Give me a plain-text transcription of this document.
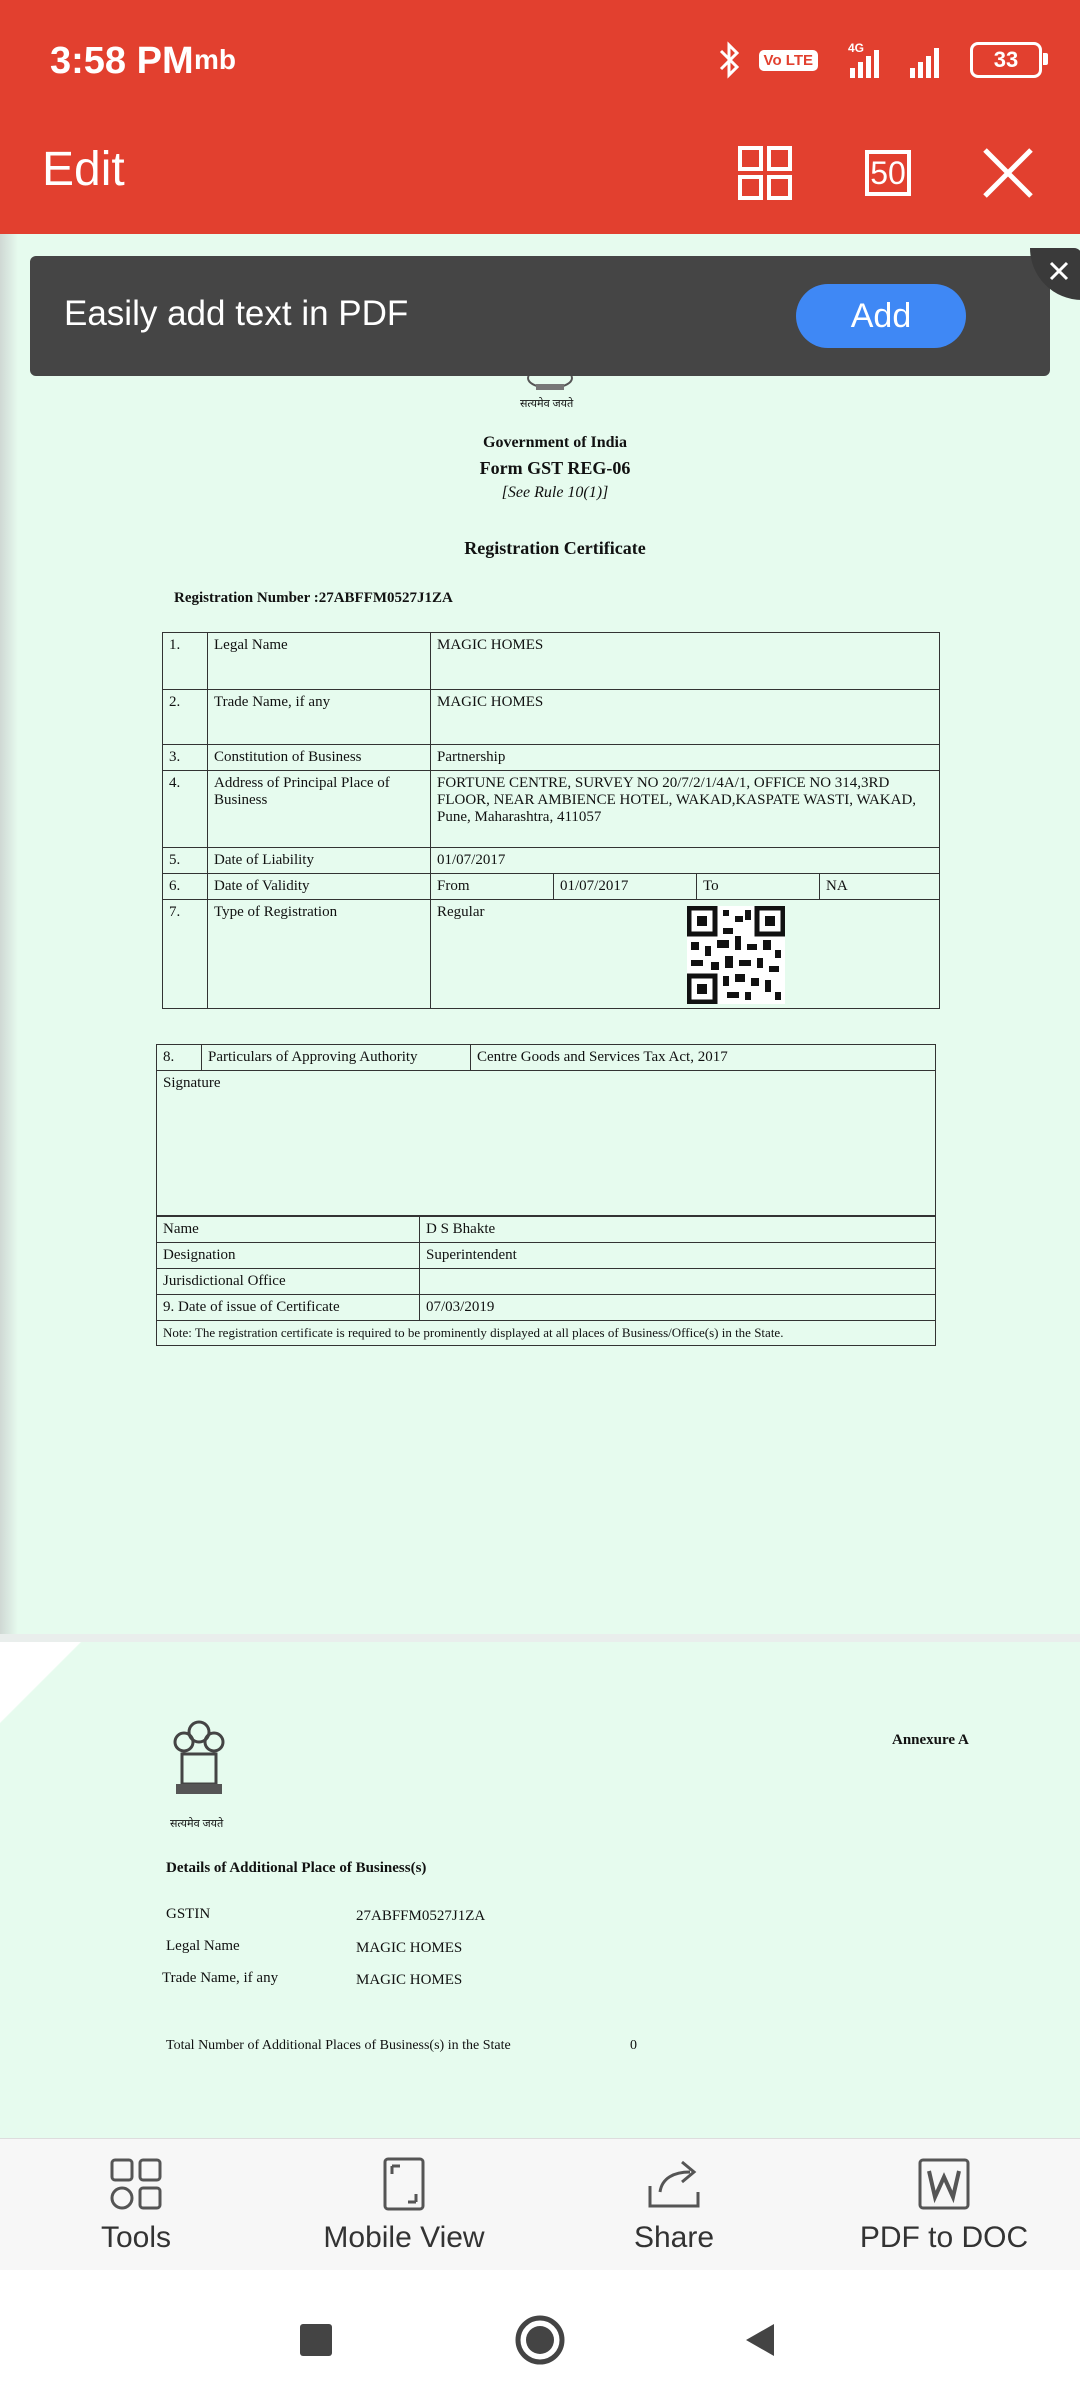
3:58 PM mb	Vo LTE
4G	33
Edit	50
सत्यमेव जयते
Government of India
Form GST REG-06
[See Rule 10(1)]
Registration Certificate
Registration Number :27ABFFM0527J1ZA
1.	Legal Name	MAGIC HOMES			
2.	Trade Name, if any	MAGIC HOMES			
3.	Constitution of Business	Partnership			
4.	Address of Principal Place of Business	FORTUNE CENTRE, SURVEY NO 20/7/2/1/4A/1, OFFICE NO 314,3RD FLOOR, NEAR AMBIENCE HOTEL, WAKAD,KASPATE WASTI, WAKAD, Pune, Maharashtra, 411057			
5.	Date of Liability	01/07/2017			
6.	Date of Validity	From	01/07/2017	To	NA
7.	Type of Registration	Regular			
8.	Particulars of Approving Authority	Centre Goods and Services Tax Act, 2017
Signature
Name	D S Bhakte
Designation	Superintendent
Jurisdictional Office	
9. Date of issue of Certificate	07/03/2019
Note: The registration certificate is required to be prominently displayed at all places of Business/Office(s) in the State.	
सत्यमेव जयते
Annexure A
Details of Additional Place of Business(s)
GSTIN	27ABFFM0527J1ZA
Legal Name	MAGIC HOMES
Trade Name, if any	MAGIC HOMES
Total Number of Additional Places of Business(s) in the State	0
Easily add text in PDF	Add
Tools	Mobile View	Share	PDF to DOC
